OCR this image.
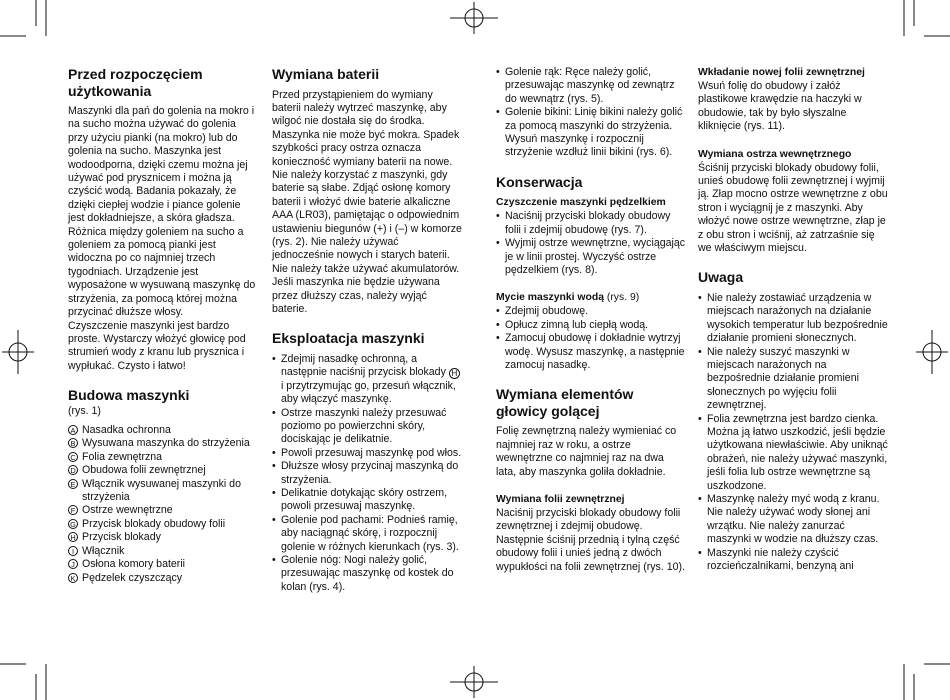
Przed rozpoczęciem użytkowania

Maszynki dla pań do golenia na mokro i na sucho można używać do golenia przy użyciu pianki (na mokro) lub do golenia na sucho. Maszynka jest wodoodporna, dzięki czemu można jej używać pod prysznicem i można ją czyścić wodą. Badania pokazały, że dzięki ciepłej wodzie i piance golenie jest dokładniejsze, a skóra gładsza. Różnica między goleniem na sucho a goleniem za pomocą pianki jest widoczna po co najmniej trzech tygodniach. Urządzenie jest wyposażone w wysuwaną maszynkę do strzyżenia, za pomocą której można przycinać dłuższe włosy.

Czyszczenie maszynki jest bardzo proste. Wystarczy włożyć głowicę pod strumień wody z kranu lub prysznica i wypłukać. Czysto i łatwo!

Budowa maszynki

(rys. 1)

A Nasadka ochronna
B Wysuwana maszynka do strzyżenia
C Folia zewnętrzna
D Obudowa folii zewnętrznej
E Włącznik wysuwanej maszynki do strzyżenia
F Ostrze wewnętrzne
G Przycisk blokady obudowy folii
H Przycisk blokady
I Włącznik
J Osłona komory baterii
K Pędzelek czyszczący
Wymiana baterii

Przed przystąpieniem do wymiany baterii należy wytrzeć maszynkę, aby wilgoć nie dostała się do środka. Maszynka nie może być mokra. Spadek szybkości pracy ostrza oznacza konieczność wymiany baterii na nowe. Nie należy korzystać z maszynki, gdy baterie są słabe. Zdjąć osłonę komory baterii i włożyć dwie baterie alkaliczne AAA (LR03), pamiętając o odpowiednim ustawieniu biegunów (+) i (–) w komorze (rys. 2). Nie należy używać jednocześnie nowych i starych baterii. Nie należy także używać akumulatorów.

Jeśli maszynka nie będzie używana przez dłuższy czas, należy wyjąć baterie.

Eksploatacja maszynki
• Zdejmij nasadkę ochronną, a następnie naciśnij przycisk blokady H i przytrzymując go, przesuń włącznik, aby włączyć maszynkę.
• Ostrze maszynki należy przesuwać poziomo po powierzchni skóry, dociskając je delikatnie.
• Powoli przesuwaj maszynkę pod włos.
• Dłuższe włosy przycinaj maszynką do strzyżenia.
• Delikatnie dotykając skóry ostrzem, powoli przesuwaj maszynkę.
• Golenie pod pachami: Podnieś ramię, aby naciągnąć skórę, i rozpocznij golenie w różnych kierunkach (rys. 3).
• Golenie nóg: Nogi należy golić, przesuwając maszynkę od kostek do kolan (rys. 4).
• Golenie rąk: Ręce należy golić, przesuwając maszynkę od zewnątrz do wewnątrz (rys. 5).
• Golenie bikini: Linię bikini należy golić za pomocą maszynki do strzyżenia. Wysuń maszynkę i rozpocznij strzyżenie wzdłuż linii bikini (rys. 6).
Konserwacja
Czyszczenie maszynki pędzelkiem
• Naciśnij przyciski blokady obudowy folii i zdejmij obudowę (rys. 7).
• Wyjmij ostrze wewnętrzne, wyciągając je w linii prostej. Wyczyść ostrze pędzelkiem (rys. 8).
Mycie maszynki wodą (rys. 9)
• Zdejmij obudowę.
• Opłucz zimną lub ciepłą wodą.
• Zamocuj obudowę i dokładnie wytrzyj wodę. Wysusz maszynkę, a następnie zamocuj nasadkę.
Wymiana elementów głowicy golącej

Folię zewnętrzną należy wymieniać co najmniej raz w roku, a ostrze wewnętrzne co najmniej raz na dwa lata, aby maszynka goliła dokładnie.

Wymiana folii zewnętrznej

Naciśnij przyciski blokady obudowy folii zewnętrznej i zdejmij obudowę. Następnie ściśnij przednią i tylną część obudowy folii i unieś jedną z dwóch wypukłości na folii zewnętrznej (rys. 10).

Wkładanie nowej folii zewnętrznej

Wsuń folię do obudowy i załóż plastikowe krawędzie na haczyki w obudowie, tak by było słyszalne kliknięcie (rys. 11).

Wymiana ostrza wewnętrznego

Ściśnij przyciski blokady obudowy folii, unieś obudowę folii zewnętrznej i wyjmij ją. Złap mocno ostrze wewnętrzne z obu stron i wyciągnij je z maszynki. Aby włożyć nowe ostrze wewnętrzne, złap je z obu stron i wciśnij, aż zatrzaśnie się we właściwym miejscu.

Uwaga
• Nie należy zostawiać urządzenia w miejscach narażonych na działanie wysokich temperatur lub bezpośrednie działanie promieni słonecznych.
• Nie należy suszyć maszynki w miejscach narażonych na bezpośrednie działanie promieni słonecznych po wyjęciu folii zewnętrznej.
• Folia zewnętrzna jest bardzo cienka. Można ją łatwo uszkodzić, jeśli będzie użytkowana niewłaściwie. Aby uniknąć obrażeń, nie należy używać maszynki, jeśli folia lub ostrze wewnętrzne są uszkodzone.
• Maszynkę należy myć wodą z kranu. Nie należy używać wody słonej ani wrzątku. Nie należy zanurzać maszynki w wodzie na dłuższy czas.
• Maszynki nie należy czyścić rozcieńczalnikami, benzyną ani
